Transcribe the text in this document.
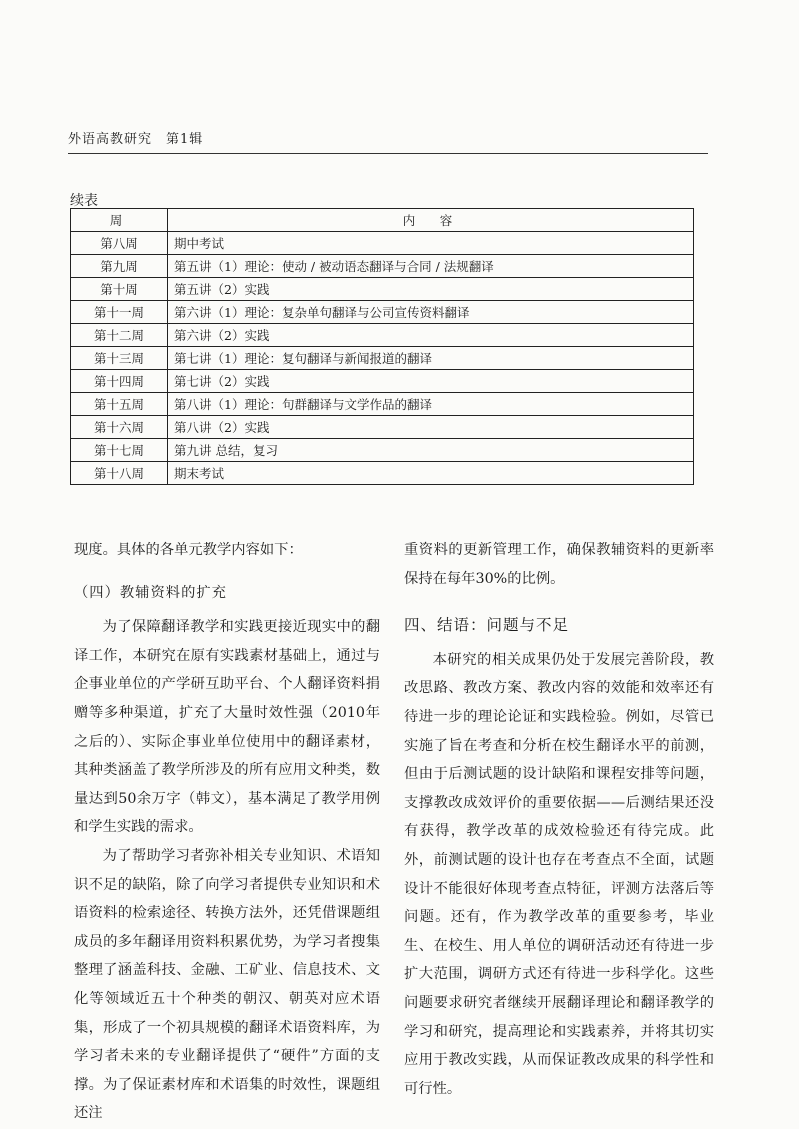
外语高教研究　第1辑
续表
周	内　容
第八周	期中考试
第九周	第五讲（1）理论：使动 / 被动语态翻译与合同 / 法规翻译
第十周	第五讲（2）实践
第十一周	第六讲（1）理论：复杂单句翻译与公司宣传资料翻译
第十二周	第六讲（2）实践
第十三周	第七讲（1）理论：复句翻译与新闻报道的翻译
第十四周	第七讲（2）实践
第十五周	第八讲（1）理论：句群翻译与文学作品的翻译
第十六周	第八讲（2）实践
第十七周	第九讲 总结，复习
第十八周	期末考试

现度。具体的各单元教学内容如下：

（四）教辅资料的扩充

为了保障翻译教学和实践更接近现实中的翻译工作，本研究在原有实践素材基础上，通过与企事业单位的产学研互助平台、个人翻译资料捐赠等多种渠道，扩充了大量时效性强（2010年之后的）、实际企事业单位使用中的翻译素材，其种类涵盖了教学所涉及的所有应用文种类，数量达到50余万字（韩文），基本满足了教学用例和学生实践的需求。

为了帮助学习者弥补相关专业知识、术语知识不足的缺陷，除了向学习者提供专业知识和术语资料的检索途径、转换方法外，还凭借课题组成员的多年翻译用资料积累优势，为学习者搜集整理了涵盖科技、金融、工矿业、信息技术、文化等领域近五十个种类的朝汉、朝英对应术语集，形成了一个初具规模的翻译术语资料库，为学习者未来的专业翻译提供了“硬件”方面的支撑。为了保证素材库和术语集的时效性，课题组还注

重资料的更新管理工作，确保教辅资料的更新率保持在每年30%的比例。

四、结语：问题与不足

本研究的相关成果仍处于发展完善阶段，教改思路、教改方案、教改内容的效能和效率还有待进一步的理论论证和实践检验。例如，尽管已实施了旨在考查和分析在校生翻译水平的前测，但由于后测试题的设计缺陷和课程安排等问题，支撑教改成效评价的重要依据——后测结果还没有获得，教学改革的成效检验还有待完成。此外，前测试题的设计也存在考查点不全面，试题设计不能很好体现考查点特征，评测方法落后等问题。还有，作为教学改革的重要参考，毕业生、在校生、用人单位的调研活动还有待进一步扩大范围，调研方式还有待进一步科学化。这些问题要求研究者继续开展翻译理论和翻译教学的学习和研究，提高理论和实践素养，并将其切实应用于教改实践，从而保证教改成果的科学性和可行性。
